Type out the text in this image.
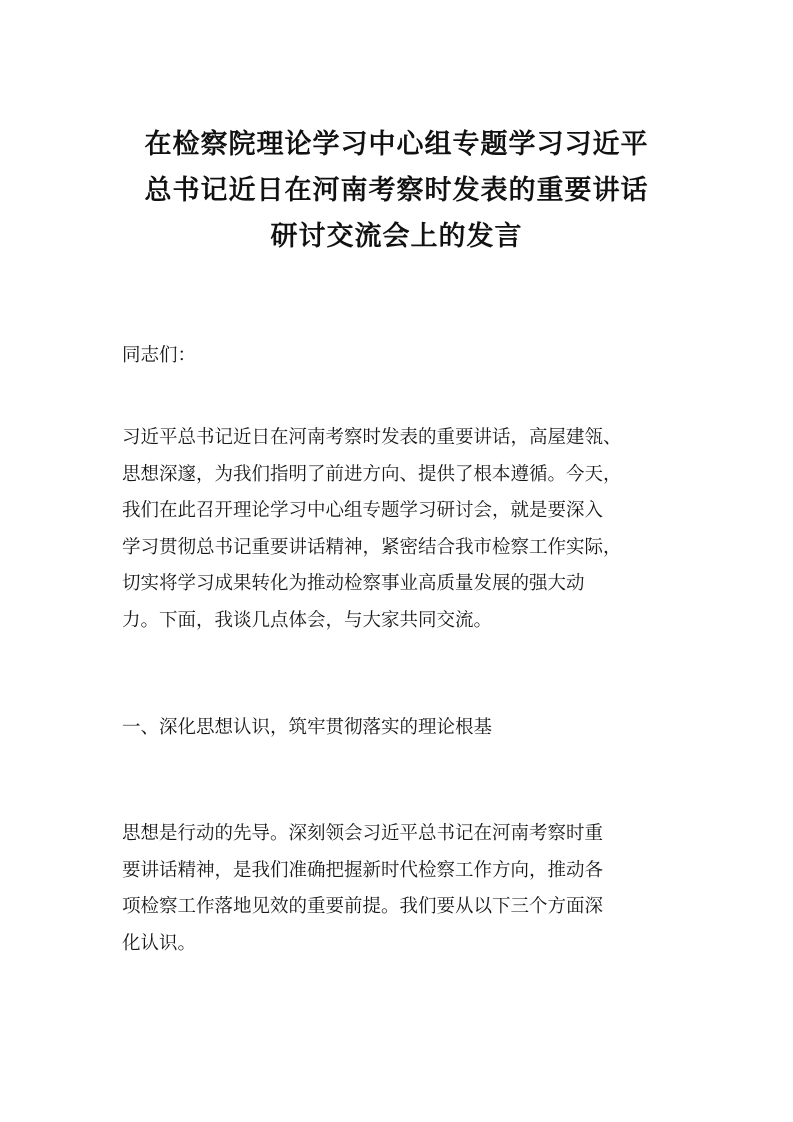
在检察院理论学习中心组专题学习习近平
总书记近日在河南考察时发表的重要讲话
研讨交流会上的发言
同志们：
习近平总书记近日在河南考察时发表的重要讲话，高屋建瓴、
思想深邃，为我们指明了前进方向、提供了根本遵循。今天，
我们在此召开理论学习中心组专题学习研讨会，就是要深入
学习贯彻总书记重要讲话精神，紧密结合我市检察工作实际，
切实将学习成果转化为推动检察事业高质量发展的强大动
力。下面，我谈几点体会，与大家共同交流。
一、深化思想认识，筑牢贯彻落实的理论根基
思想是行动的先导。深刻领会习近平总书记在河南考察时重
要讲话精神，是我们准确把握新时代检察工作方向，推动各
项检察工作落地见效的重要前提。我们要从以下三个方面深
化认识。
